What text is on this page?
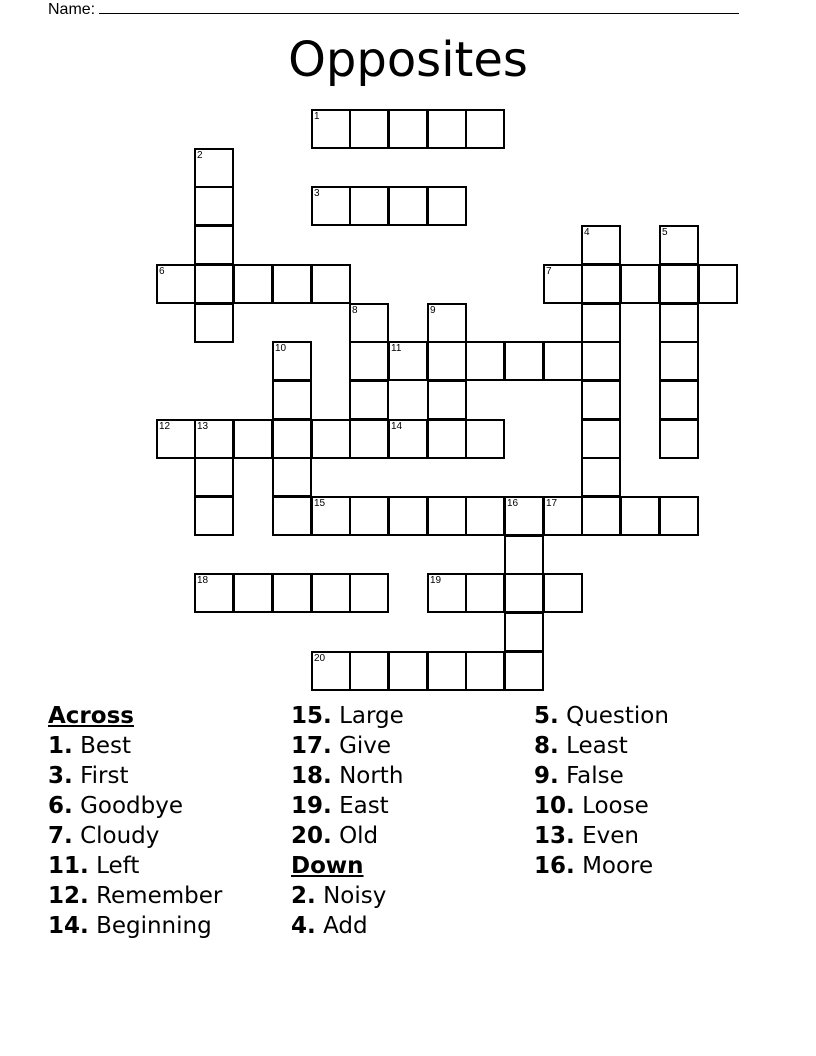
Name:
Opposites
1
3
6	7
11
12	13	14
15	17
18	19
20
2
4	5
8	9
10
16
Across
1. Best
3. First
6. Goodbye
7. Cloudy
11. Left
12. Remember
14. Beginning
15. Large
17. Give
18. North
19. East
20. Old
Down
2. Noisy
4. Add
5. Question
8. Least
9. False
10. Loose
13. Even
16. Moore
